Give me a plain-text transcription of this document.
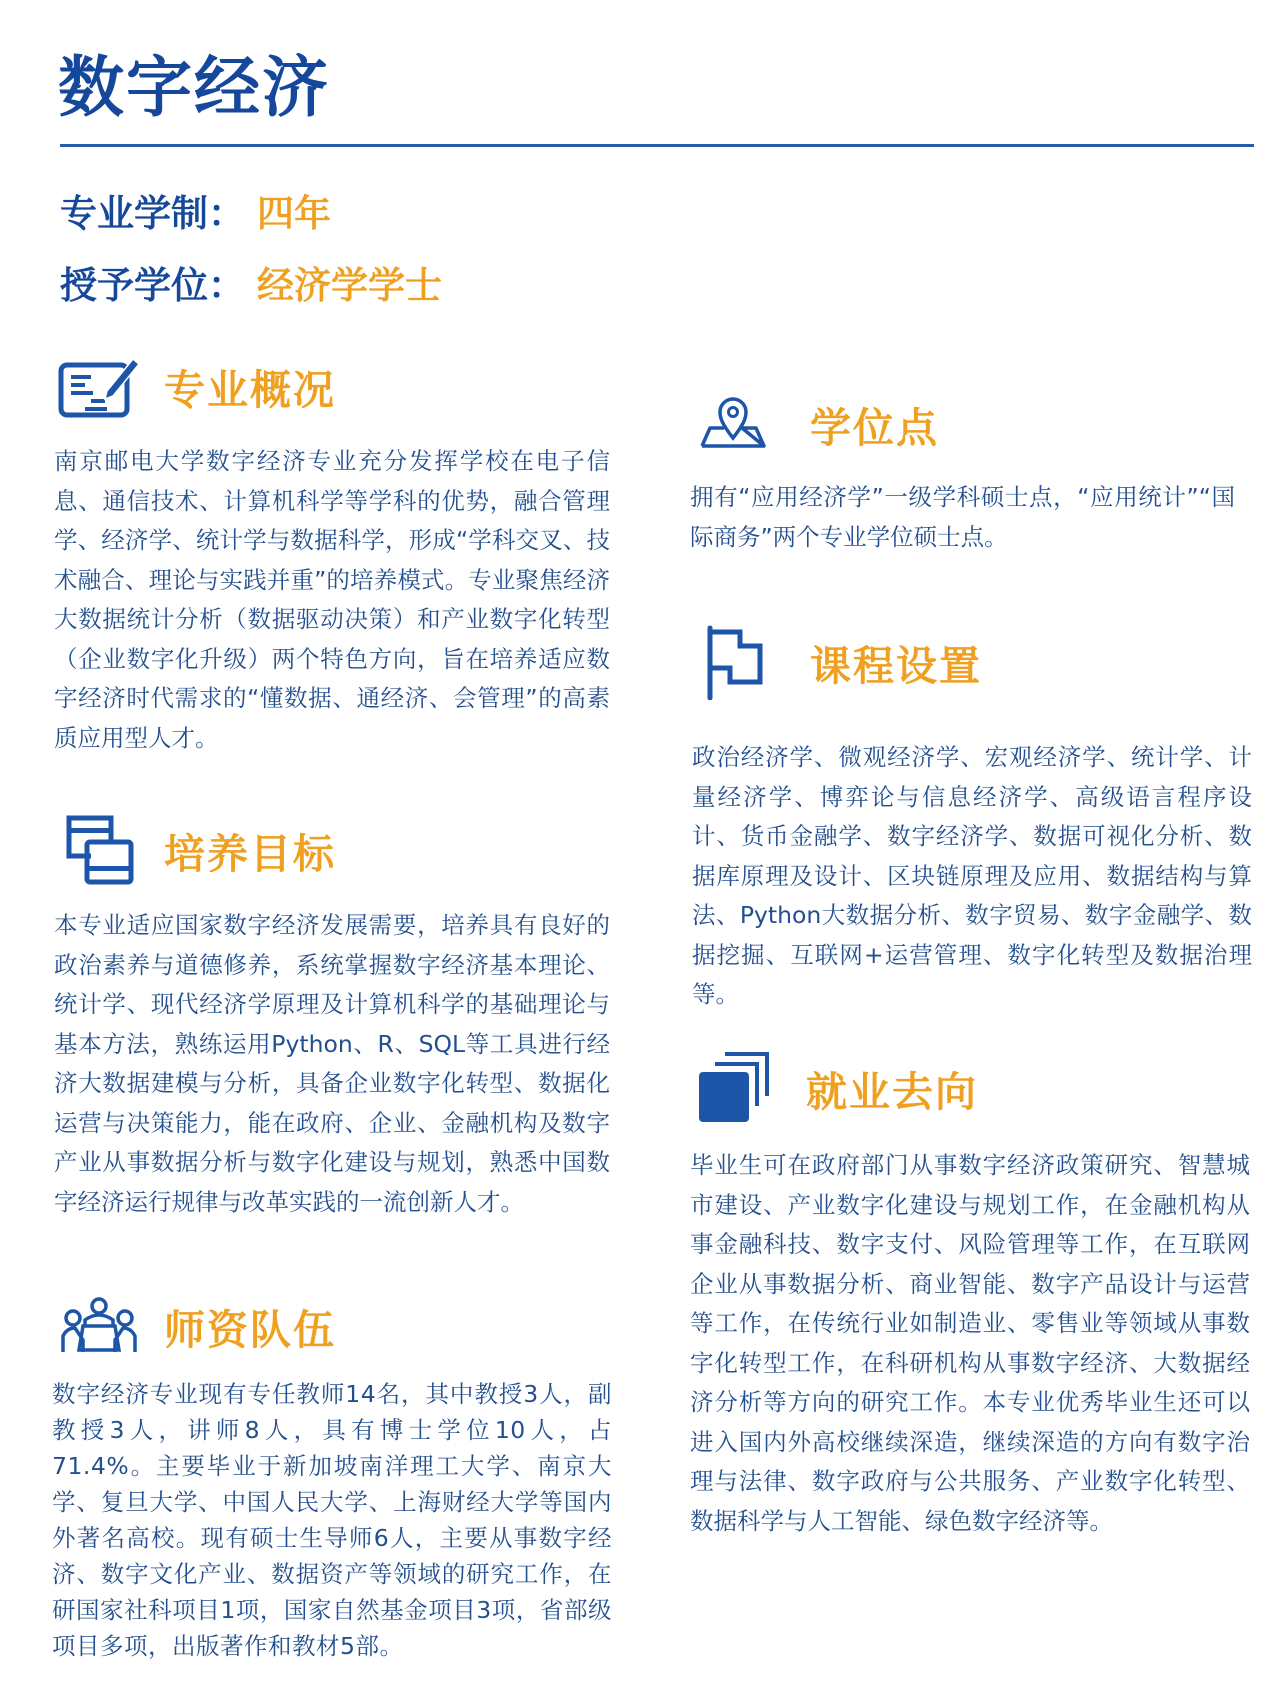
数字经济
专业学制： 四年
授予学位： 经济学学士
专业概况
南京邮电大学数字经济专业充分发挥学校在电子信息、通信技术、计算机科学等学科的优势，融合管理学、经济学、统计学与数据科学，形成“学科交叉、技术融合、理论与实践并重”的培养模式。专业聚焦经济大数据统计分析（数据驱动决策）和产业数字化转型（企业数字化升级）两个特色方向，旨在培养适应数字经济时代需求的“懂数据、通经济、会管理”的高素质应用型人才。
培养目标
本专业适应国家数字经济发展需要，培养具有良好的政治素养与道德修养，系统掌握数字经济基本理论、统计学、现代经济学原理及计算机科学的基础理论与基本方法，熟练运用Python、R、SQL等工具进行经济大数据建模与分析，具备企业数字化转型、数据化运营与决策能力，能在政府、企业、金融机构及数字产业从事数据分析与数字化建设与规划，熟悉中国数字经济运行规律与改革实践的一流创新人才。
师资队伍
数字经济专业现有专任教师14名，其中教授3人，副教授3人，讲师8人，具有博士学位10人，占71.4%。主要毕业于新加坡南洋理工大学、南京大学、复旦大学、中国人民大学、上海财经大学等国内外著名高校。现有硕士生导师6人，主要从事数字经济、数字文化产业、数据资产等领域的研究工作，在研国家社科项目1项，国家自然基金项目3项，省部级项目多项，出版著作和教材5部。
学位点
拥有“应用经济学”一级学科硕士点，“应用统计”“国际商务”两个专业学位硕士点。
课程设置
政治经济学、微观经济学、宏观经济学、统计学、计量经济学、博弈论与信息经济学、高级语言程序设计、货币金融学、数字经济学、数据可视化分析、数据库原理及设计、区块链原理及应用、数据结构与算法、Python大数据分析、数字贸易、数字金融学、数据挖掘、互联网+运营管理、数字化转型及数据治理等。
就业去向
毕业生可在政府部门从事数字经济政策研究、智慧城市建设、产业数字化建设与规划工作，在金融机构从事金融科技、数字支付、风险管理等工作，在互联网企业从事数据分析、商业智能、数字产品设计与运营等工作，在传统行业如制造业、零售业等领域从事数字化转型工作，在科研机构从事数字经济、大数据经济分析等方向的研究工作。本专业优秀毕业生还可以进入国内外高校继续深造，继续深造的方向有数字治理与法律、数字政府与公共服务、产业数字化转型、数据科学与人工智能、绿色数字经济等。
